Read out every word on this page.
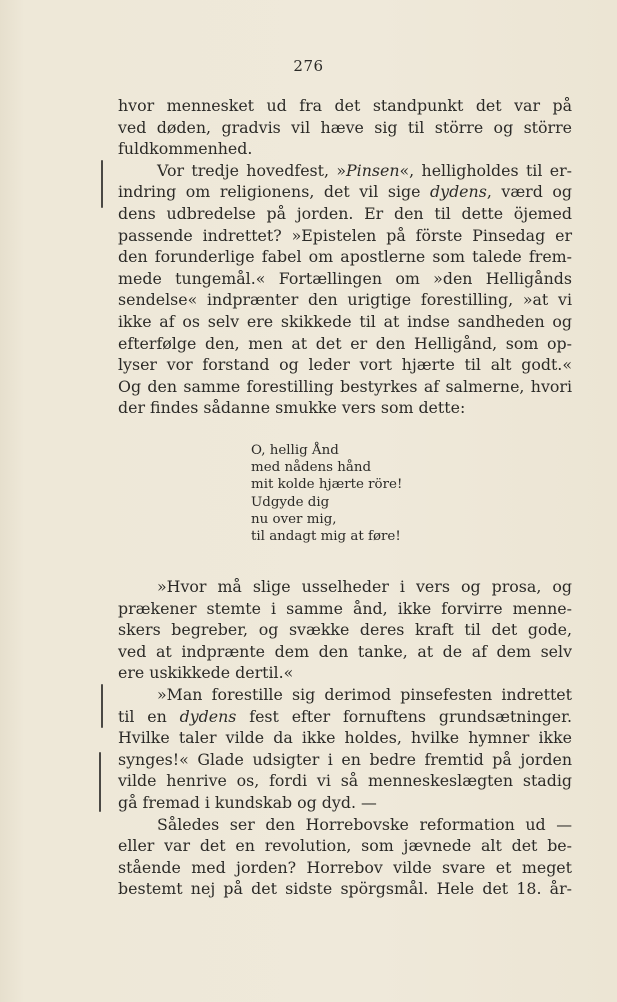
276
hvor mennesket ud fra det standpunkt det var på
ved døden, gradvis vil hæve sig til större og större
fuldkommenhed.
Vor tredje hovedfest, »Pinsen«, helligholdes til er-
indring om religionens, det vil sige dydens, værd og
dens udbredelse på jorden. Er den til dette öjemed
passende indrettet? »Epistelen på förste Pinsedag er
den forunderlige fabel om apostlerne som talede frem-
mede tungemål.« Fortællingen om »den Helligånds
sendelse« indprænter den urigtige forestilling, »at vi
ikke af os selv ere skikkede til at indse sandheden og
efterfølge den, men at det er den Helligånd, som op-
lyser vor forstand og leder vort hjærte til alt godt.«
Og den samme forestilling bestyrkes af salmerne, hvori
der findes sådanne smukke vers som dette:
O, hellig Ånd
med nådens hånd
mit kolde hjærte röre!
Udgyde dig
nu over mig,
til andagt mig at føre!
»Hvor må slige usselheder i vers og prosa, og
prækener stemte i samme ånd, ikke forvirre menne-
skers begreber, og svække deres kraft til det gode,
ved at indprænte dem den tanke, at de af dem selv
ere uskikkede dertil.«
»Man forestille sig derimod pinsefesten indrettet
til en dydens fest efter fornuftens grundsætninger.
Hvilke taler vilde da ikke holdes, hvilke hymner ikke
synges!« Glade udsigter i en bedre fremtid på jorden
vilde henrive os, fordi vi så menneskeslægten stadig
gå fremad i kundskab og dyd. —
Således ser den Horrebovske reformation ud —
eller var det en revolution, som jævnede alt det be-
stående med jorden? Horrebov vilde svare et meget
bestemt nej på det sidste spörgsmål. Hele det 18. år-
